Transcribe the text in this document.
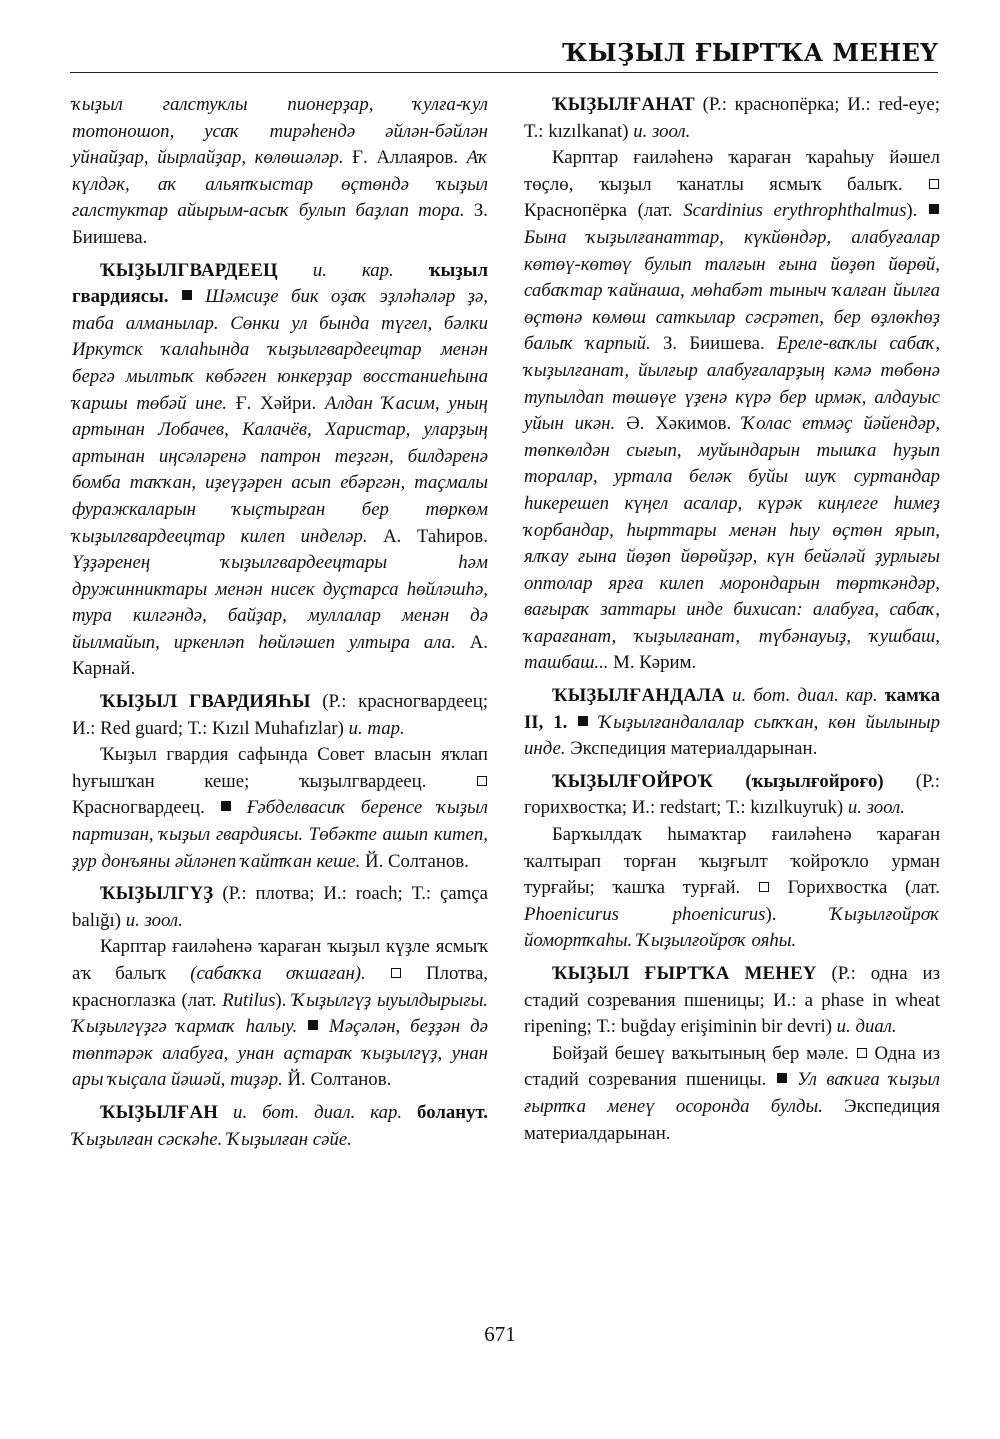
ҠЫҘЫЛ ҒЫРТҠА МЕНЕҮ

ҡыҙыл галстуклы пионерҙар, ҡулға-ҡул тотоношоп, усаҡ тирәһендә әйлән-бәйлән уйнайҙар, йырлайҙар, көлөшәләр. Ғ. Аллаяров. Аҡ күлдәк, аҡ альяпҡыстар өҫтөндә ҡыҙыл галстуктар айырым-асыҡ булып баҙлап тора. З. Биишева.

ҠЫҘЫЛГВАРДЕЕЦ и. кар. ҡыҙыл гвардиясы. Шәмсиҙе бик оҙаҡ эҙләһәләр ҙә, таба алманылар. Сөнки ул бында түгел, бәлки Иркутск ҡалаһында ҡыҙылгвардеецтар менән бергә мылтыҡ көбәген юнкерҙар восстаниеһына ҡаршы төбәй ине. Ғ. Хәйри. Алдан Ҡасим, уның артынан Лобачев, Калачёв, Харистар, уларҙың артынан иңсәләренә патрон теҙгән, билдәренә бомба таҡҡан, иҙеүҙәрен асып ебәргән, таҫмалы фуражкаларын ҡыҫтырған бер төркөм ҡыҙылгвардеецтар килеп инделәр. А. Таһиров. Үҙҙәренең ҡыҙылгвардеецтары һәм дружинниктары менән нисек дуҫтарса һөйләшһә, тура килгәндә, байҙар, муллалар менән дә йылмайып, иркенләп һөйләшеп ултыра ала. А. Карнай.

ҠЫҘЫЛ ГВАРДИЯҺЫ (Р.: красногвардеец; И.: Red guard; Т.: Kızıl Muhafızlar) и. тар.

Ҡыҙыл гвардия сафында Совет власын яҡлап һуғышҡан кеше; ҡыҙылгвардеец.  Красногвардеец. Ғәбделвасиҡ беренсе ҡыҙыл партизан, ҡыҙыл гвардиясы. Төбәкте ашып китеп, ҙур донъяны әйләнеп ҡайтҡан кеше. Й. Солтанов.

ҠЫҘЫЛГҮҘ (Р.: плотва; И.: roach; Т.: çamça balığı) и. зоол.

Карптар ғаиләһенә ҡараған ҡыҙыл күҙле ясмыҡ аҡ балыҡ (сабаҡҡа оҡшаған).	Плотва, красноглазка (лат. Rutilus). Ҡыҙылгүҙ ыуылдырығы. Ҡыҙылгүҙгә ҡармаҡ һалыу. Мәҫәлән, беҙҙән дә төптәрәк алабуға, унан аҫтараҡ ҡыҙылгүҙ, унан ары ҡыҫала йәшәй, тиҙәр. Й. Солтанов.

ҠЫҘЫЛҒАН и. бот. диал. кар. боланут. Ҡыҙылған сәскәһе. Ҡыҙылған сәйе.

ҠЫҘЫЛҒАНАТ (Р.: краснопёрка; И.: red-eye; Т.: kızılkanat) и. зоол.

Карптар ғаиләһенә ҡараған ҡараһыу йәшел төҫлө, ҡыҙыл ҡанатлы ясмыҡ балыҡ.  Краснопёрка (лат. Scardinius erythrophthalmus).  Бына ҡыҙылғанаттар, күкйөндәр, алабуғалар көтөү-көтөү булып талғын ғына йөҙөп йөрөй, сабаҡтар ҡайнаша, мөһабәт тыныч ҡалған йылға өҫтөнә көмөш саткылар сәсрәтеп, бер өҙлөкһөҙ балыҡ ҡарпый. З. Биишева. Ереле-ваҡлы сабаҡ, ҡыҙылғанат, йылғыр алабуғаларҙың кәмә төбөнә тупылдап төшөүе үҙенә күрә бер ирмәк, алдауыс уйын икән. Ә. Хәкимов. Ҡолас етмәҫ йәйендәр, төпкөлдән сығып, муйындарын тышҡа һуҙып торалар, уртала беләк буйы шуҡ суртандар һикерешеп күңел асалар, күрәк киңлеге һимеҙ ҡорбандар, һырттары менән һыу өҫтөн ярып, ялҡау ғына йөҙөп йөрөйҙәр, күн бейәләй ҙурлығы оптолар ярға килеп морондарын төрткәндәр, вағыраҡ заттары инде бихисап: алабуға, сабаҡ, ҡарағанат, ҡыҙылғанат, түбәнауыҙ, ҡушбаш, ташбаш... М. Кәрим.

ҠЫҘЫЛҒАНДАЛА и. бот. диал. кар. ҡамҡа II, 1. Ҡыҙылғандалалар сыҡҡан, көн йылыныр инде. Экспедиция материалдарынан.

ҠЫҘЫЛҒОЙРОҠ (ҡыҙылғойроғо) (Р.: горихвостка; И.: redstart; Т.: kızılkuyruk) и. зоол.

Барҡылдаҡ һымаҡтар ғаиләһенә ҡараған ҡалтырап торған ҡыҙғылт ҡойроҡло урман турғайы; ҡашҡа турғай.	Горихвостка (лат. Phoenicurus phoenicurus).	Ҡыҙылғойроҡ йомортҡаһы. Ҡыҙылғойроҡ ояһы.

ҠЫҘЫЛ ҒЫРТҠА МЕНЕҮ (Р.: одна из стадий созревания пшеницы; И.: a phase in wheat ripening; Т.: buğday erişiminin bir devri) и. диал.

Бойҙай бешеү ваҡытының бер мәле. Одна из стадий созревания пшеницы. Ул ваҡиға ҡыҙыл ғыртҡа менеү осоронда булды. Экспедиция материалдарынан.

671
